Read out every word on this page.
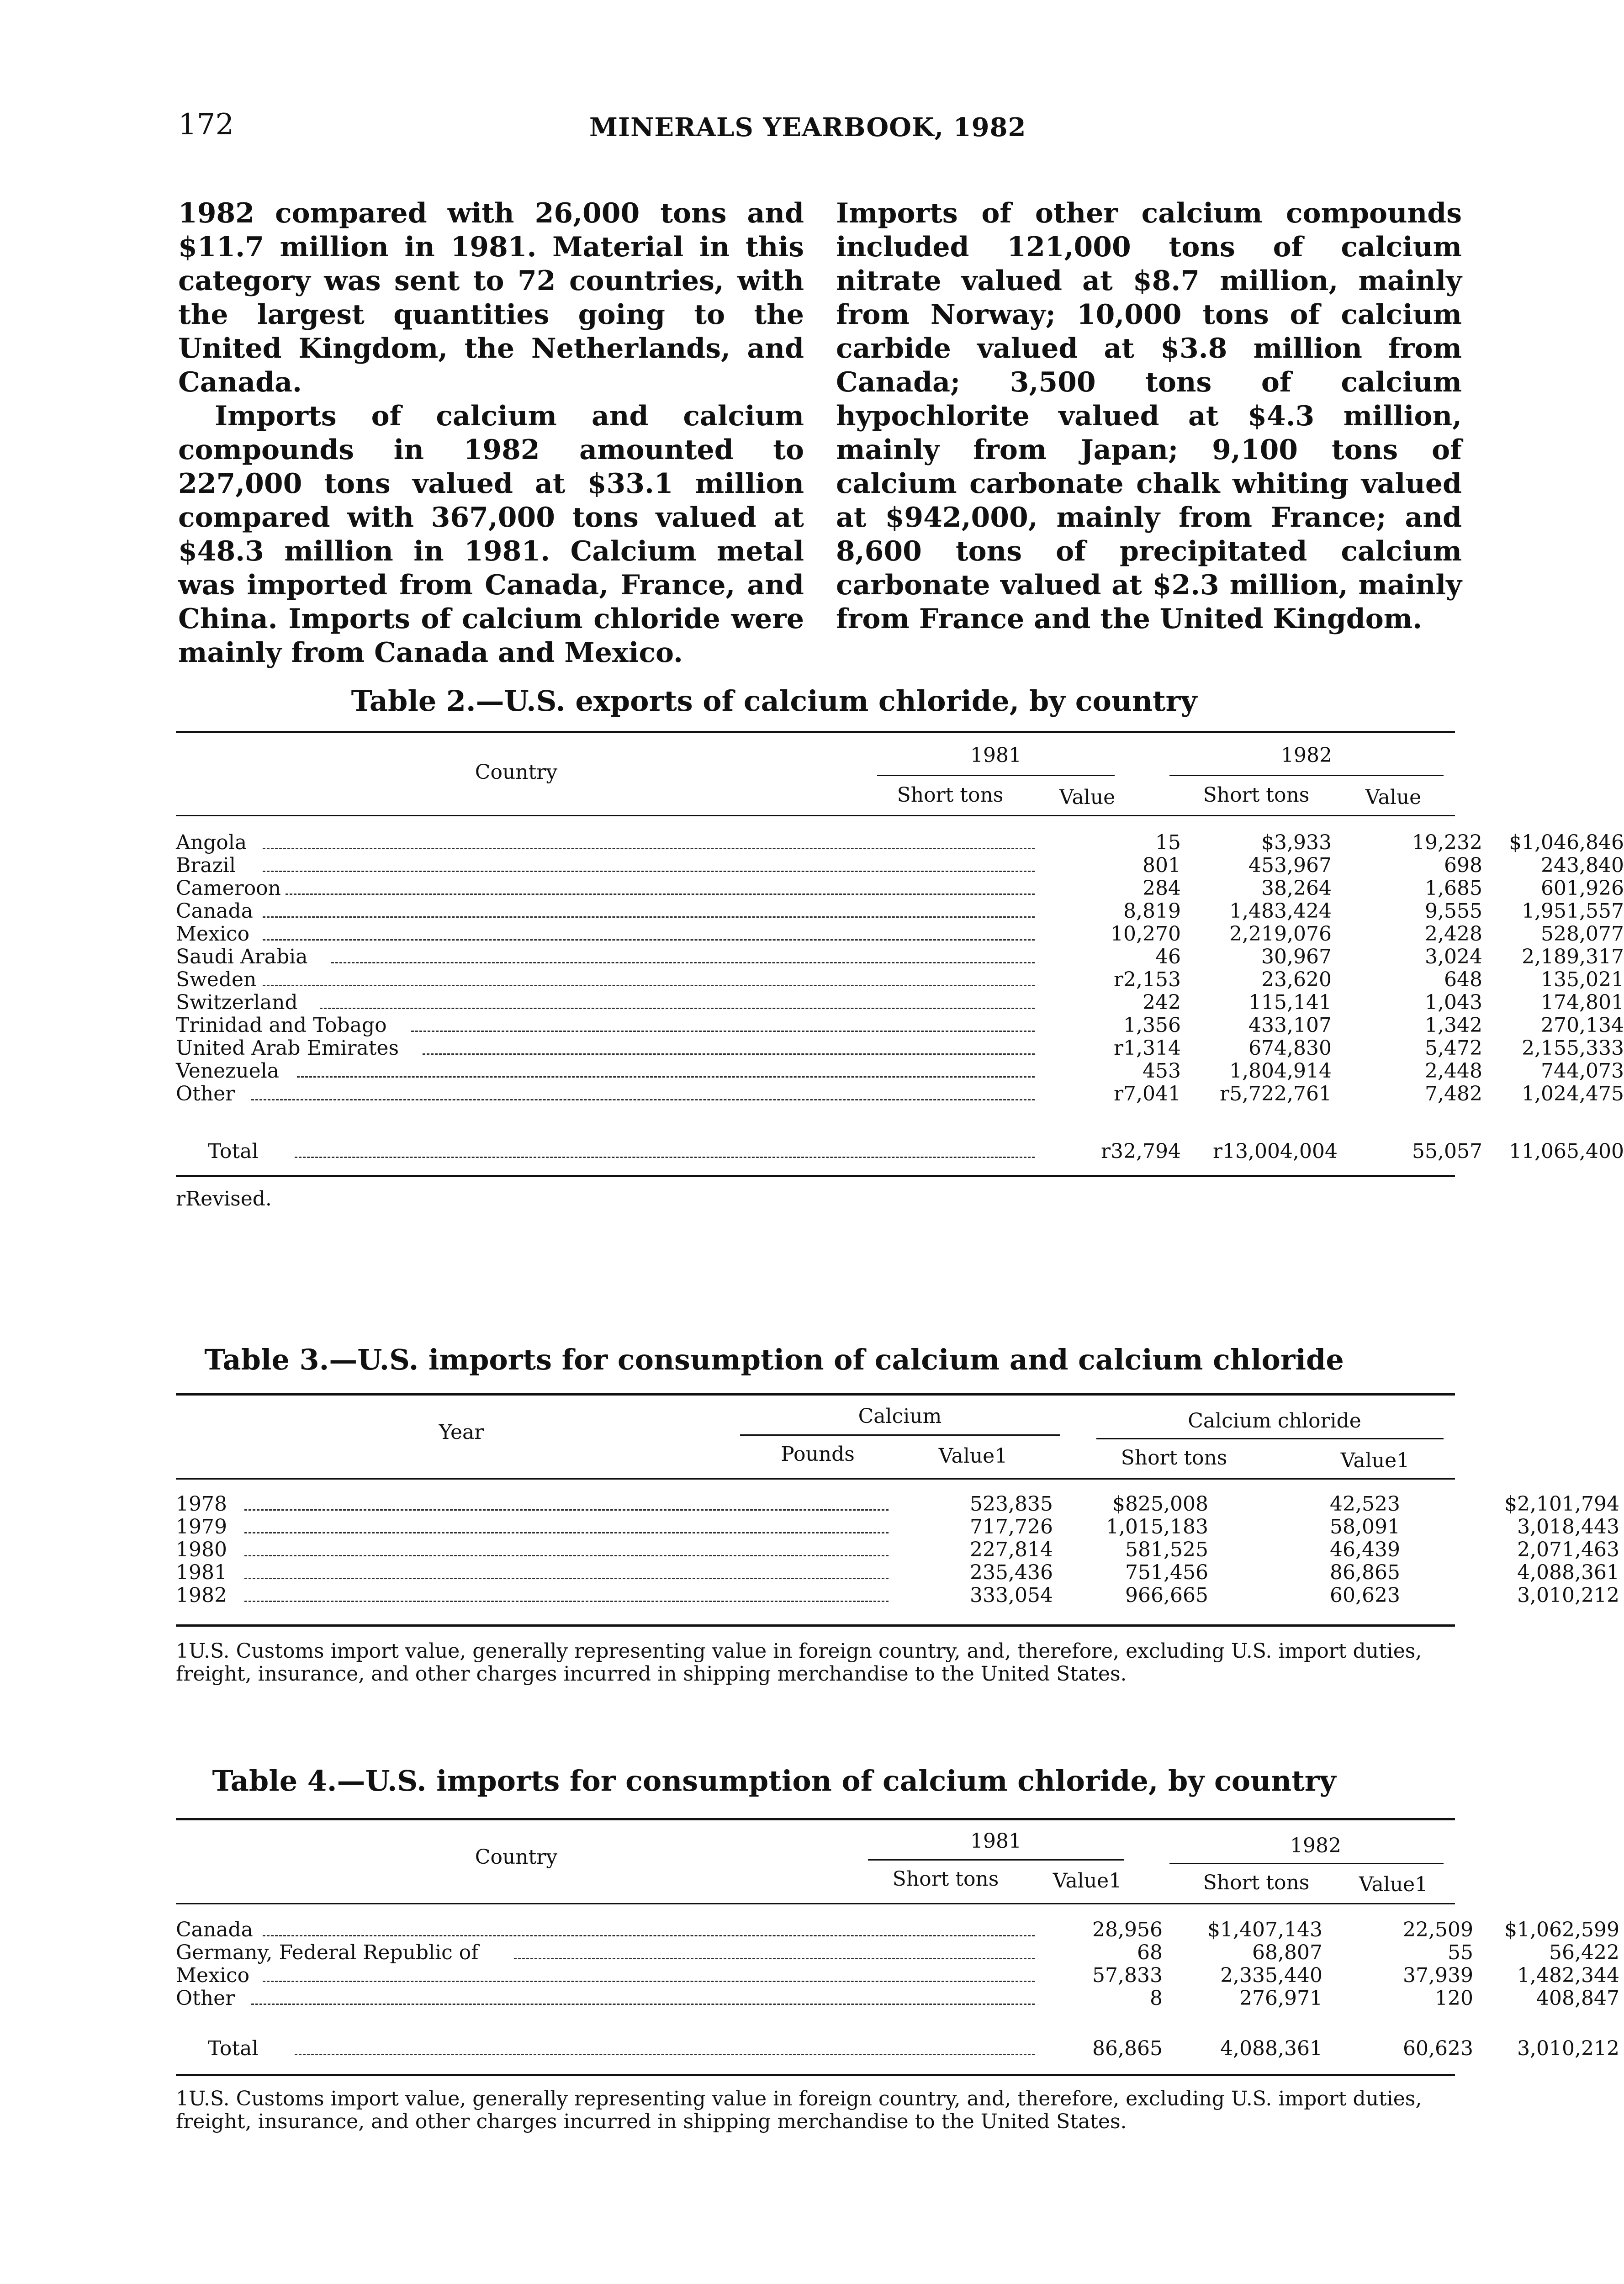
172	MINERALS YEARBOOK, 1982

1982 compared with 26,000 tons and $11.7 million in 1981. Material in this category was sent to 72 countries, with the largest quantities going to the United Kingdom, the Netherlands, and Canada.

Imports of calcium and calcium compounds in 1982 amounted to 227,000 tons valued at $33.1 million compared with 367,000 tons valued at $48.3 million in 1981. Calcium metal was imported from Canada, France, and China. Imports of calcium chloride were mainly from Canada and Mexico.

Imports of other calcium compounds included 121,000 tons of calcium nitrate valued at $8.7 million, mainly from Norway; 10,000 tons of calcium carbide valued at $3.8 million from Canada; 3,500 tons of calcium hypochlorite valued at $4.3 million, mainly from Japan; 9,100 tons of calcium carbonate chalk whiting valued at $942,000, mainly from France; and 8,600 tons of precipitated calcium carbonate valued at $2.3 million, mainly from France and the United Kingdom.

Table 2.—U.S. exports of calcium chloride, by country
Country
1981	1982
Short tons	Value	Short tons	Value
Angola	15	$3,933	19,232 $1,046,846
Brazil	801	453,967	698	243,840
Cameroon	284	38,264	1,685	601,926
Canada	8,819	1,483,424	9,555	1,951,557
Mexico	10,270	2,219,076	2,428	528,077
Saudi Arabia	46	30,967	3,024	2,189,317
Sweden	r2,153	23,620	648	135,021
Switzerland	242	115,141	1,043	174,801
Trinidad and Tobago	1,356	433,107	1,342	270,134
United Arab Emirates	r1,314	674,830	5,472	2,155,333
Venezuela	453	1,804,914	2,448	744,073
Other	r7,041	r5,722,761	7,482	1,024,475
Total	r32,794 r13,004,004	55,057 11,065,400
rRevised.
Table 3.—U.S. imports for consumption of calcium and calcium chloride
Year
Calcium	Calcium chloride
Pounds	Value1	Short tons	Value1
1978	523,835	$825,008	42,523	$2,101,794
1979	717,726	1,015,183	58,091	3,018,443
1980	227,814	581,525	46,439	2,071,463
1981	235,436	751,456	86,865	4,088,361
1982	333,054	966,665	60,623	3,010,212
1U.S. Customs import value, generally representing value in foreign country, and, therefore, excluding U.S. import duties, freight, insurance, and other charges incurred in shipping merchandise to the United States.
Table 4.—U.S. imports for consumption of calcium chloride, by country
Country
1981	1982
Short tons	Value1	Short tons	Value1
Canada	28,956 $1,407,143	22,509 $1,062,599
Germany, Federal Republic of	68	68,807	55	56,422
Mexico	57,833	2,335,440	37,939	1,482,344
Other	8	276,971	120	408,847
Total	86,865	4,088,361	60,623	3,010,212
1U.S. Customs import value, generally representing value in foreign country, and, therefore, excluding U.S. import duties, freight, insurance, and other charges incurred in shipping merchandise to the United States.
